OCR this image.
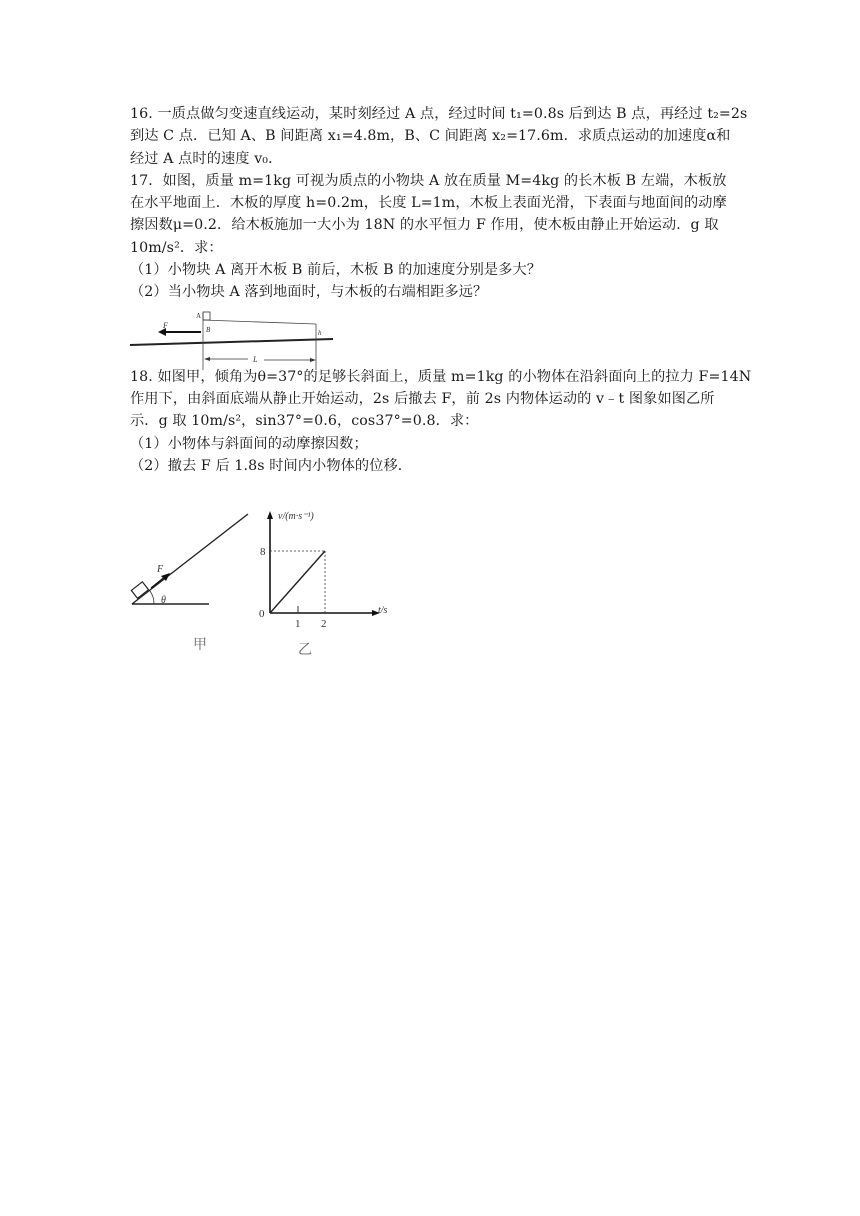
16. 一质点做匀变速直线运动，某时刻经过 A 点，经过时间 t₁=0.8s 后到达 B 点，再经过 t₂=2s
到达 C 点．已知 A、B 间距离 x₁=4.8m，B、C 间距离 x₂=17.6m．求质点运动的加速度α和
经过 A 点时的速度 v₀．
17．如图，质量 m=1kg 可视为质点的小物块 A 放在质量 M=4kg 的长木板 B 左端，木板放
在水平地面上．木板的厚度 h=0.2m，长度 L=1m，木板上表面光滑，下表面与地面间的动摩
擦因数μ=0.2．给木板施加一大小为 18N 的水平恒力 F 作用，使木板由静止开始运动．g 取
10m/s²．求：
（1）小物块 A 离开木板 B 前后，木板 B 的加速度分别是多大？
（2）当小物块 A 落到地面时，与木板的右端相距多远？
18. 如图甲，倾角为θ=37°的足够长斜面上，质量 m=1kg 的小物体在沿斜面向上的拉力 F=14N
作用下，由斜面底端从静止开始运动，2s 后撤去 F，前 2s 内物体运动的 v﹣t 图象如图乙所
示．g 取 10m/s²，sin37°=0.6，cos37°=0.8．求：
（1）小物体与斜面间的动摩擦因数；
（2）撤去 F 后 1.8s 时间内小物体的位移．
A
F	B	h
L
F
θ
甲
v/(m·s⁻¹)
t/s
0
8
1 2
乙
